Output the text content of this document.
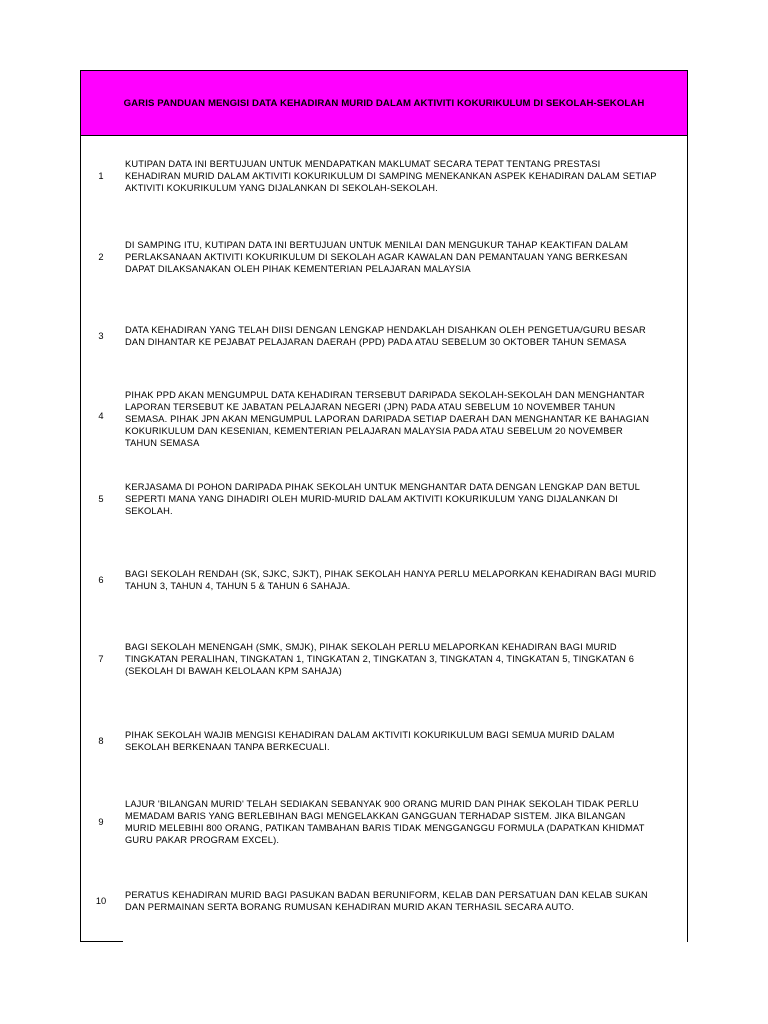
GARIS PANDUAN MENGISI DATA KEHADIRAN MURID DALAM AKTIVITI KOKURIKULUM DI SEKOLAH-SEKOLAH
1
KUTIPAN DATA INI BERTUJUAN UNTUK MENDAPATKAN MAKLUMAT SECARA TEPAT TENTANG PRESTASI
KEHADIRAN MURID DALAM AKTIVITI KOKURIKULUM DI SAMPING MENEKANKAN ASPEK KEHADIRAN DALAM SETIAP
AKTIVITI KOKURIKULUM YANG DIJALANKAN DI SEKOLAH-SEKOLAH.
2
DI SAMPING ITU, KUTIPAN DATA INI BERTUJUAN UNTUK MENILAI DAN MENGUKUR TAHAP KEAKTIFAN DALAM
PERLAKSANAAN AKTIVITI KOKURIKULUM DI SEKOLAH AGAR KAWALAN DAN PEMANTAUAN YANG BERKESAN
DAPAT DILAKSANAKAN OLEH PIHAK KEMENTERIAN PELAJARAN MALAYSIA
3
DATA KEHADIRAN YANG TELAH DIISI DENGAN LENGKAP HENDAKLAH DISAHKAN OLEH PENGETUA/GURU BESAR
DAN DIHANTAR KE PEJABAT PELAJARAN DAERAH (PPD) PADA ATAU SEBELUM 30 OKTOBER TAHUN SEMASA
4
PIHAK PPD AKAN MENGUMPUL DATA KEHADIRAN TERSEBUT DARIPADA SEKOLAH-SEKOLAH DAN MENGHANTAR
LAPORAN TERSEBUT KE JABATAN PELAJARAN NEGERI (JPN) PADA ATAU SEBELUM 10 NOVEMBER TAHUN
SEMASA. PIHAK JPN AKAN MENGUMPUL LAPORAN DARIPADA SETIAP DAERAH DAN MENGHANTAR KE BAHAGIAN
KOKURIKULUM DAN KESENIAN, KEMENTERIAN PELAJARAN MALAYSIA PADA ATAU SEBELUM 20 NOVEMBER
TAHUN SEMASA
5
KERJASAMA DI POHON DARIPADA PIHAK SEKOLAH UNTUK MENGHANTAR DATA DENGAN LENGKAP DAN BETUL
SEPERTI MANA YANG DIHADIRI OLEH MURID-MURID DALAM AKTIVITI KOKURIKULUM YANG DIJALANKAN DI
SEKOLAH.
6
BAGI SEKOLAH RENDAH (SK, SJKC, SJKT), PIHAK SEKOLAH HANYA PERLU MELAPORKAN KEHADIRAN BAGI MURID
TAHUN 3, TAHUN 4, TAHUN 5 & TAHUN 6 SAHAJA.
7
BAGI SEKOLAH MENENGAH (SMK, SMJK), PIHAK SEKOLAH PERLU MELAPORKAN KEHADIRAN BAGI MURID
TINGKATAN PERALIHAN, TINGKATAN 1, TINGKATAN 2, TINGKATAN 3, TINGKATAN 4, TINGKATAN 5, TINGKATAN 6
(SEKOLAH DI BAWAH KELOLAAN KPM SAHAJA)
8
PIHAK SEKOLAH WAJIB MENGISI KEHADIRAN DALAM AKTIVITI KOKURIKULUM BAGI SEMUA MURID DALAM
SEKOLAH BERKENAAN TANPA BERKECUALI.
9
LAJUR 'BILANGAN MURID' TELAH SEDIAKAN SEBANYAK 900 ORANG MURID DAN PIHAK SEKOLAH TIDAK PERLU
MEMADAM BARIS YANG BERLEBIHAN BAGI MENGELAKKAN GANGGUAN TERHADAP SISTEM. JIKA BILANGAN
MURID MELEBIHI 800 ORANG, PATIKAN TAMBAHAN BARIS TIDAK MENGGANGGU FORMULA (DAPATKAN KHIDMAT
GURU PAKAR PROGRAM EXCEL).
10
PERATUS KEHADIRAN MURID BAGI PASUKAN BADAN BERUNIFORM, KELAB DAN PERSATUAN DAN KELAB SUKAN
DAN PERMAINAN SERTA BORANG RUMUSAN KEHADIRAN MURID AKAN TERHASIL SECARA AUTO.
